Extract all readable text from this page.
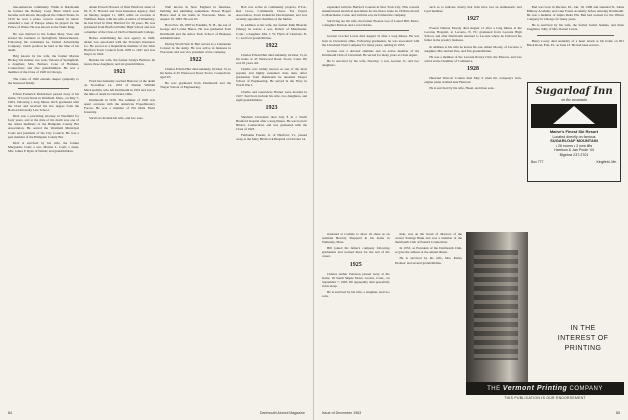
lian-American community. While at Dartmouth he formed the Barbary Coast Band which soon became well known throughout the United States. In 1919 he won a piano concert contest in music extended a tour of Europe where he played for the Prince of Wales. He was known as the Waltz King.

He was married to the former Mary Vose and started his business at Springfield, Massachusetts. Following his retirement he formed Advertising Company, which position he held at the time of his death.

Brig known by his wife, the former Marion Hickey; his mother, two sons, Vincent of Springfield, a daughter, Mrs. Barbara Cone of Hamden, Connecticut; and five grandchildren. He was a member of the Class of 1920 in Chicago.

The Class of 1920 extends deeper sympathy to the bereaved family.

Edwin Frederick Richardson passed away at his home, 79 Court Street in Westfield, Mass., on May 7, 1963, following a long illness. Rich graduated with the Class and received his law degree from the Boston University Law School.

Rich was a practicing attorney in Westfield for forty years, and at the time of his death was one of the oldest members of the Hampden County Bar Association. He served the Westfield Municipal Court and president of the City Council. He was a past member of the Hampden County Bar.

Rich is survived by his wife, the former Marguerite Cash; a son, Marion L. Cash; a sister, Mrs. James F. Ryan of Natick; and grandchildren.

Alden Everett Howard of West Hartford, sister of Dr. E. E. Howard and Sons Insurance Agency, died on Sunday, August 11, 1963, while on vacation at Wellfleet, Mass. with his wife. A native of Waterbury, he had lived in West Hartford for 39 years. He was graduated from Hartford Public High School and was a member of the Class of 1920 at Dartmouth College.

Before establishing his own agency in 1928, Alden was associated with the Travelers Insurance Co. He served as a Republican member of the West Hartford Town Council from 1939 to 1947 and was mayor in 1943.

Besides his wife, the former Gladys Barbour, he leaves three daughters; and six grandchildren.

1921

Word has belatedly reached Hanover of the death on November 14, 1953 of Dannie William MacLauchlin, who left Dartmouth in 1919 and was at the time of death in Cleveland, Ohio.

Dartmouth in 1918. The summer of 1920 was spent overseas with the American Expeditionary Forces. He was a member of Phi Delta Theta fraternity.

Survivors include his wife, and two sons.

Well known in New England in furniture, building and plumbing equipment, Ernest Bogart Hance died at his home in Worcester, Mass. on August 19, 1963. He was 63.

Born Nov. 29, 1897 in Franklin, N. H., the son of George and Louise Hance. He was graduated from Dartmouth and the Amos Tuck School of Business Administration.

During World War II, Bert served as a Lieutenant Colonel in the Army. He was active in business in Worcester and was vice president of the company.

1922

Charles Edwin Hart died suddenly, October 15, in his home at 45 Westwood Road, Storrs, Connecticut, aged 65.

He was graduated from Dartmouth and the Thayer School of Engineering.

Bob was active in community projects, P.T.A., Red Cross, Community Chest, Tax Payers Association, Town Industrial Development, and was recently appointed chairman of the Shrine.

In addition to his wife, the former Ruth Blanche (Sharp) he leaves a son, Robert of Manchester, Conn.; a daughter, Mrs. J. W. Flynn of Charlotte, N. C.; and four grandchildren.

1922

Charles Edwin Hart died suddenly, October 15, in his home at 45 Westwood Road, Storrs, Conn. He was 65 years old.

Charlie was widely known as one of the most popular and highly esteemed class men. After graduation from Dartmouth he attended Thayer School of Engineering. He served in the Navy in World War I.

Charlie and Genevieve Barnes were married in 1927. Survivors include his wife, two daughters, and eight grandchildren.

1923

Sherman Cleveland died July 8 in a North Branford hospital after a long illness. He was born in Bristol, Connecticut, and was graduated with the Class of 1923.

Fairbanks Frazier, Jr. of Hartford, Vt., passed away at the Mary Hitchcock Hospital on October 14.

84	Dartmouth Alumni Magazine

expanded with the Hartford Courant in New York City. This concern manufactured electrical specialties for the motor trade. In 1936 he moved to Manchester, Conn. and with his son, he formed the company.

Surviving are his wife, the former Eleanor Lee of Laurel Hill, Mass.; a daughter Marion; and a son Charles.

Gordon Crocker Lewis died August 31 after a long illness. He was born in Cleveland, Ohio. Following graduation, he was associated with the Cleveland Trust Company for many years, retiring in 1955.

Gordon was a devoted alumnus and an active member of the Dartmouth Club of Cleveland. He served for many years as Class Agent.

He is survived by his wife, Dorothy; a son, Gordon Jr.; and two daughters.

such as to indicate clearly that both have lost an enthusiastic and loyal member.

1927

Everett Dunton Moody died August 12 after a long illness at the Laconia Hospital, at Laconia, N. H.; graduated from Laconia High School, and after Dartmouth returned to Laconia where he followed his father in the jewelry business.

In addition to his wife he leaves his son, Albert Moody, of Laconia, a daughter, Mrs. Robert Eno, and five grandchildren.

He was a member of the Laconia Rotary Club, the Masons, and was active in the Chamber of Commerce.

1928

Herschel Wescott Coburn died May 6 when his company's twin-engine plane crashed near Hanover.

He is survived by his wife, Hazel, and three sons.

Bud was born in Decatur, Ill., Jan. 18, 1906 and attended St. Johns Military Academy and Lake Forest Academy before entering Dartmouth. He was a member of Alpha Delta Phi. Bud had worked for the Wilson Company in Chicago for many years.

He is survived by his wife, the former Isabel Jenkins, and three daughters, Sally of Mrs. Robert Lewis.

Henry Lacey died suddenly of a heart attack at his home on 901 Black Road, Erie, Pa. on June 13. He had been served...

Sugarloaf Inn
on the mountain
Maine's Finest Ski Resort
Located directly on famous
SUGARLOAF MOUNTAIN
• 26 rooms • 2 new lifts
Harrison & Jan Poole '44
Bigelow 237-2701
Box 777	Kingfield, Me.

stationed at Carlisle to show its share as an assistant Beverly Sheppard in his home in Wellesley, Mass.

Bill joined his father's company following graduation and worked there for the rest of his career.

1925

Charles Arthur Peterson passed away at his home, 18 South Maple Street, Groton, Conn., on September 7, 1963. He apparently died peacefully in his sleep.

He is survived by his wife, a daughter, and two sons.

man, was on the board of directors of the Groton Savings Bank and was a member of the Dartmouth Club of Eastern Connecticut.

In 1953, as President of the Dartmouth Club, he gave the address at the annual dinner.

He is survived by his wife, Mrs. Maizy Thomas; and several grandchildren.

IN THE
INTEREST OF PRINTING
THE Vermont Printing COMPANY
THIS PUBLICATION IS OUR ENDORSEMENT
Issue of December 1963	85
